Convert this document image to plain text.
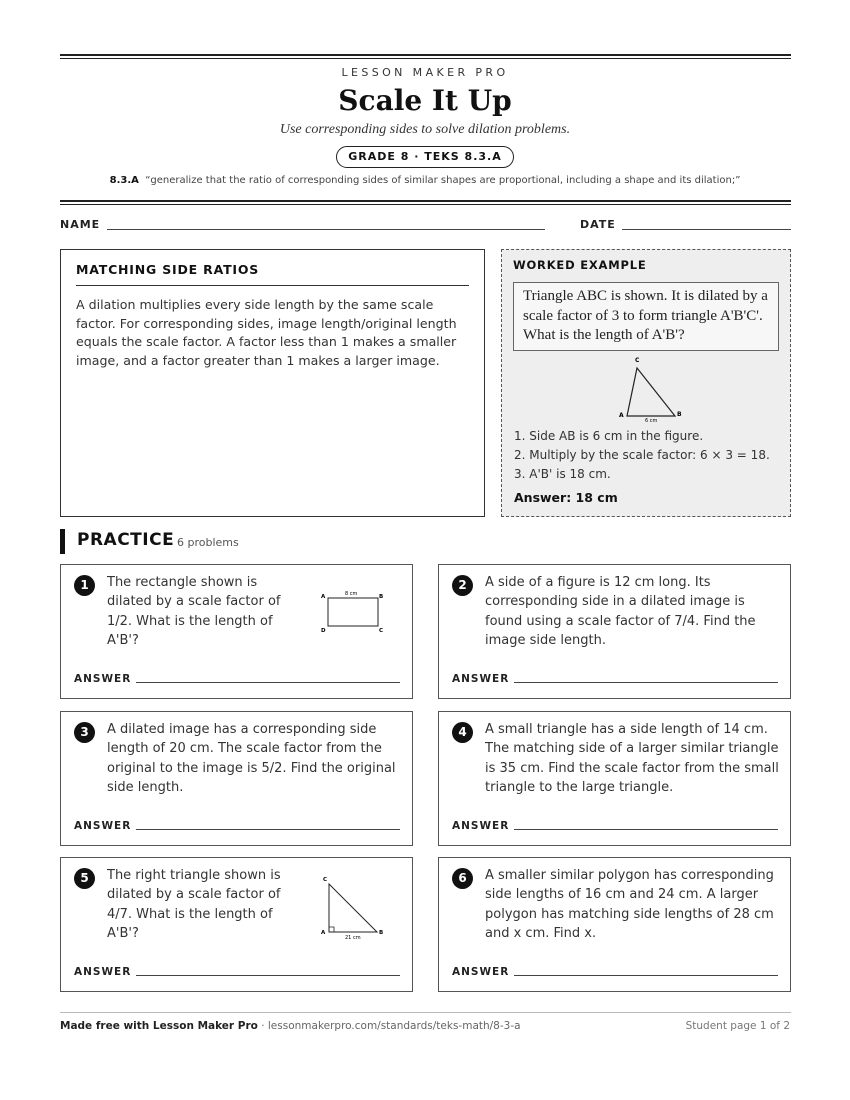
LESSON MAKER PRO
Scale It Up
Use corresponding sides to solve dilation problems.
GRADE 8 · TEKS 8.3.A
8.3.A “generalize that the ratio of corresponding sides of similar shapes are proportional, including a shape and its dilation;”
NAME	DATE
MATCHING SIDE RATIOS

A dilation multiplies every side length by the same scale factor. For corresponding sides, image length/original length equals the scale factor. A factor less than 1 makes a smaller image, and a factor greater than 1 makes a larger image.

WORKED EXAMPLE
Triangle ABC is shown. It is dilated by a scale factor of 3 to form triangle A'B'C'. What is the length of A'B'?
C
A	B
6 cm
1. Side AB is 6 cm in the figure.
2. Multiply by the scale factor: 6 × 3 = 18.
3. A'B' is 18 cm.
Answer: 18 cm
PRACTICE 6 problems
1	The rectangle shown is dilated by a scale factor of 1/2. What is the length of A'B'?
A	B
C
D
8 cm
ANSWER
2	A side of a figure is 12 cm long. Its corresponding side in a dilated image is found using a scale factor of 7/4. Find the image side length.
ANSWER
3	A dilated image has a corresponding side length of 20 cm. The scale factor from the original to the image is 5/2. Find the original side length.
ANSWER
4	A small triangle has a side length of 14 cm. The matching side of a larger similar triangle is 35 cm. Find the scale factor from the small triangle to the large triangle.
ANSWER
5	The right triangle shown is dilated by a scale factor of 4/7. What is the length of A'B'?
C
A	B
21 cm
ANSWER
6	A smaller similar polygon has corresponding side lengths of 16 cm and 24 cm. A larger polygon has matching side lengths of 28 cm and x cm. Find x.
ANSWER
Made free with Lesson Maker Pro · lessonmakerpro.com/standards/teks-math/8-3-a	Student page 1 of 2
